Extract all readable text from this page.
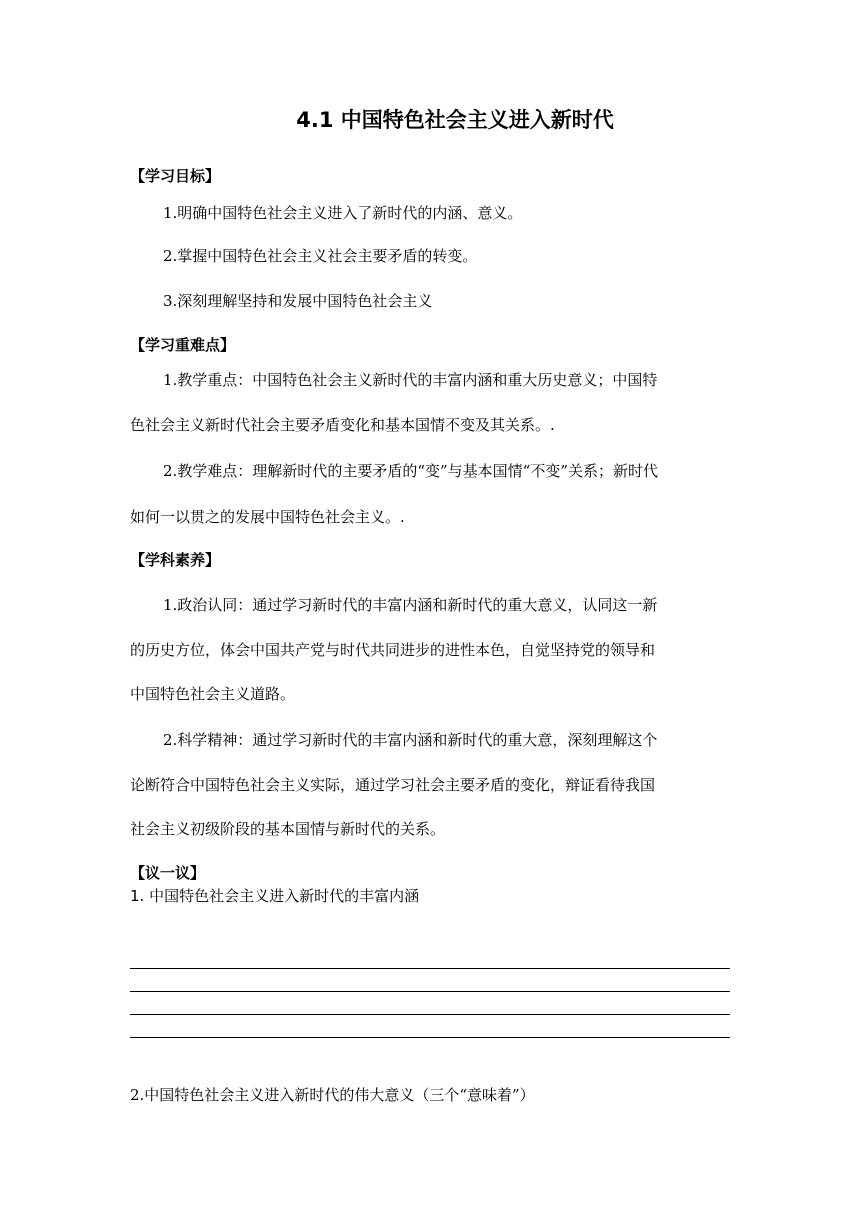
4.1 中国特色社会主义进入新时代
【学习目标】
1.明确中国特色社会主义进入了新时代的内涵、意义。
2.掌握中国特色社会主义社会主要矛盾的转变。
3.深刻理解坚持和发展中国特色社会主义
【学习重难点】
1.教学重点：中国特色社会主义新时代的丰富内涵和重大历史意义；中国特
色社会主义新时代社会主要矛盾变化和基本国情不变及其关系。.
2.教学难点：理解新时代的主要矛盾的“变”与基本国情“不变”关系；新时代
如何一以贯之的发展中国特色社会主义。.
【学科素养】
1.政治认同：通过学习新时代的丰富内涵和新时代的重大意义，认同这一新
的历史方位，体会中国共产党与时代共同进步的进性本色，自觉坚持党的领导和
中国特色社会主义道路。
2.科学精神：通过学习新时代的丰富内涵和新时代的重大意，深刻理解这个
论断符合中国特色社会主义实际，通过学习社会主要矛盾的变化，辩证看待我国
社会主义初级阶段的基本国情与新时代的关系。
【议一议】
1. 中国特色社会主义进入新时代的丰富内涵
2.中国特色社会主义进入新时代的伟大意义（三个“意味着”）
